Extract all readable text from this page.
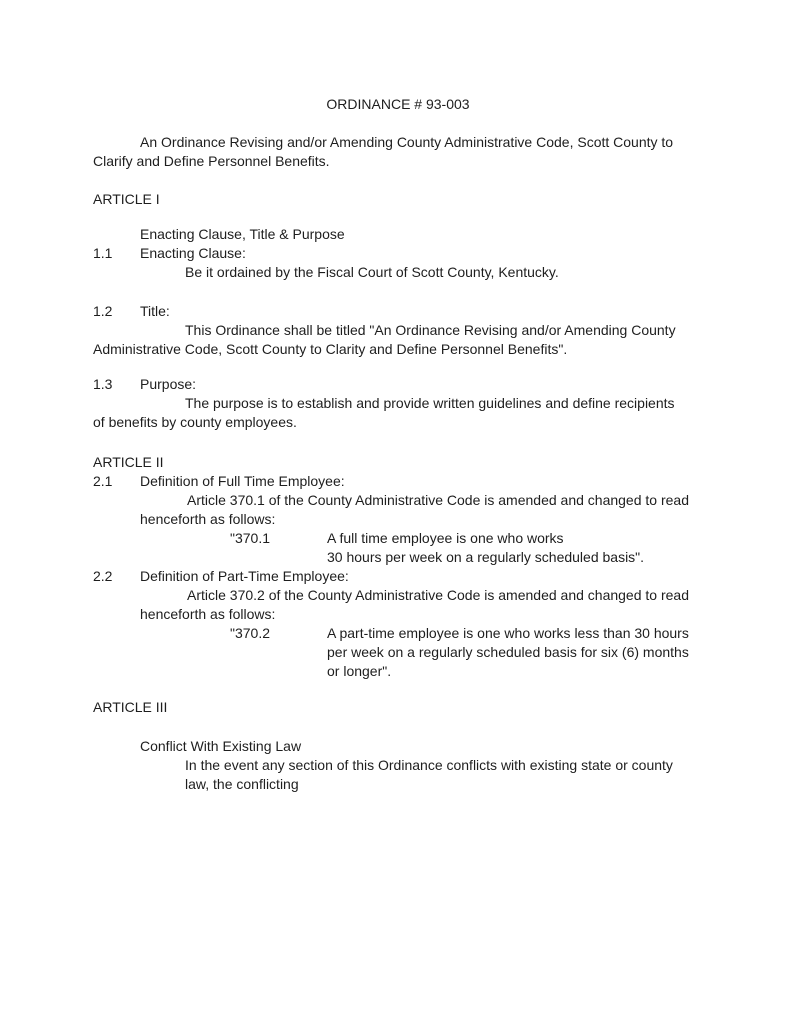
ORDINANCE # 93-003
An Ordinance Revising and/or Amending County Administrative Code, Scott County to
Clarify and Define Personnel Benefits.
ARTICLE I
Enacting Clause, Title & Purpose
1.1	Enacting Clause:
Be it ordained by the Fiscal Court of Scott County, Kentucky.
1.2	Title:
This Ordinance shall be titled "An Ordinance Revising and/or Amending County
Administrative Code, Scott County to Clarity and Define Personnel Benefits".
1.3	Purpose:
The purpose is to establish and provide written guidelines and define recipients
of benefits by county employees.
ARTICLE II
2.1	Definition of Full Time Employee:
Article 370.1 of the County Administrative Code is amended and changed to read
henceforth as follows:
"370.1	A full time employee is one who works
30 hours per week on a regularly scheduled basis".
2.2	Definition of Part-Time Employee:
Article 370.2 of the County Administrative Code is amended and changed to read
henceforth as follows:
"370.2	A part-time employee is one who works less than 30 hours
per week on a regularly scheduled basis for six (6) months
or longer".
ARTICLE III
Conflict With Existing Law
In the event any section of this Ordinance conflicts with existing state or county
law, the conflicting
